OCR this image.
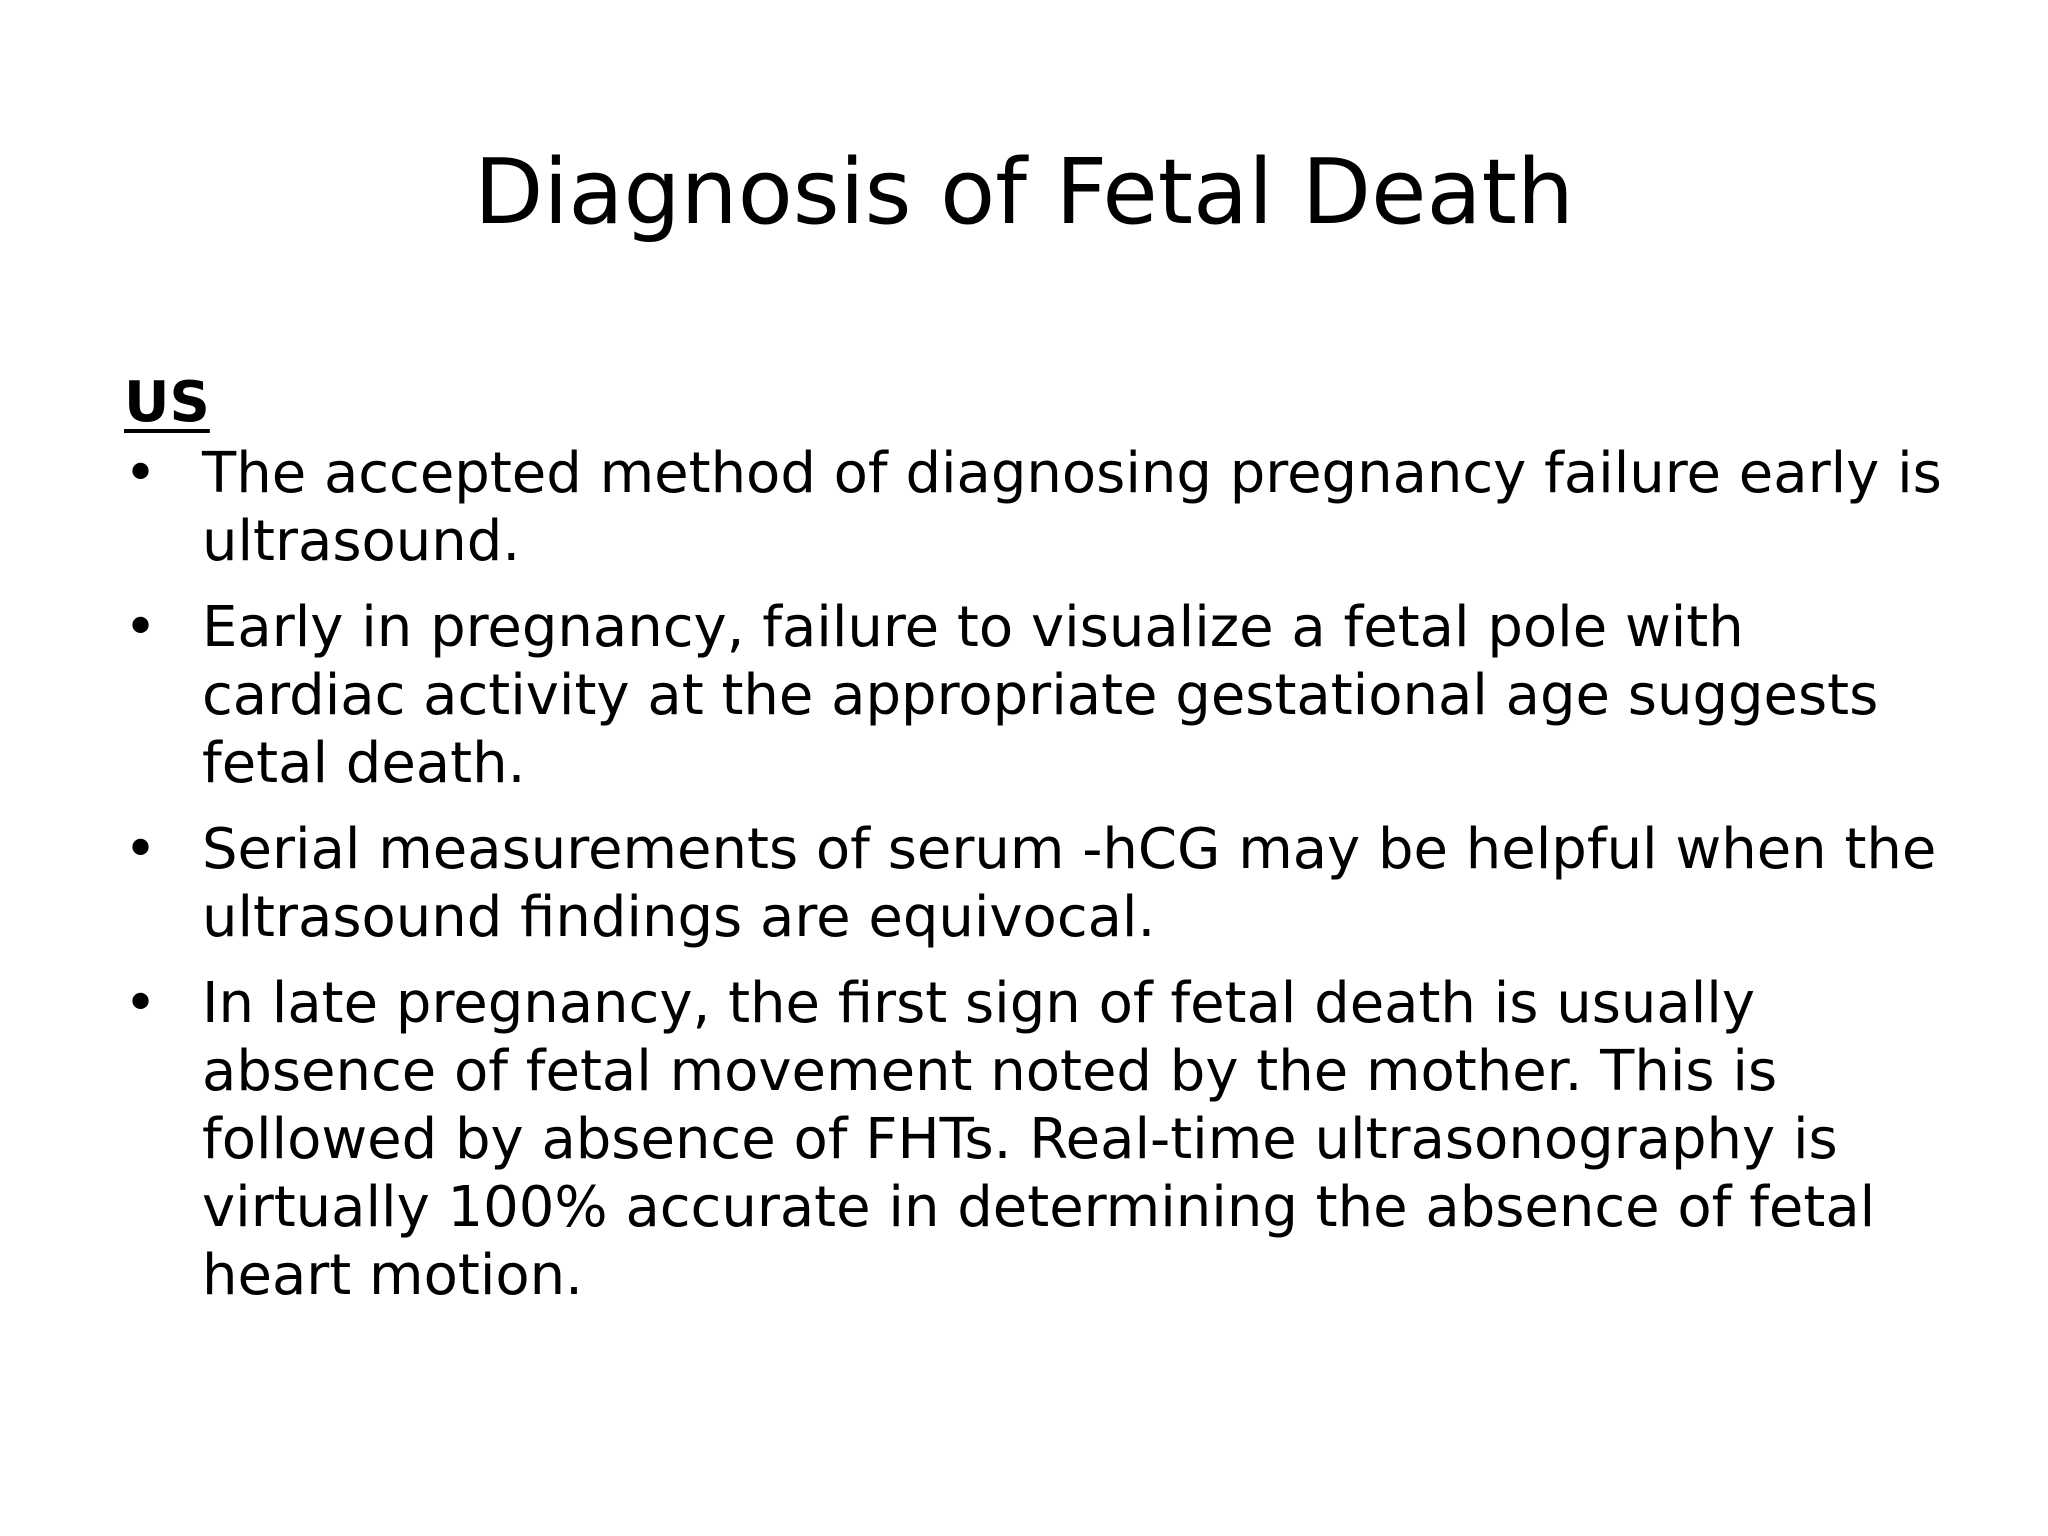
Diagnosis of Fetal Death
US
• The accepted method of diagnosing pregnancy failure early is ultrasound.
• Early in pregnancy, failure to visualize a fetal pole with cardiac activity at the appropriate gestational age suggests fetal death.
• Serial measurements of serum -hCG may be helpful when the ultrasound findings are equivocal.
• In late pregnancy, the first sign of fetal death is usually absence of fetal movement noted by the mother. This is followed by absence of FHTs. Real-time ultrasonography is virtually 100% accurate in determining the absence of fetal heart motion.
